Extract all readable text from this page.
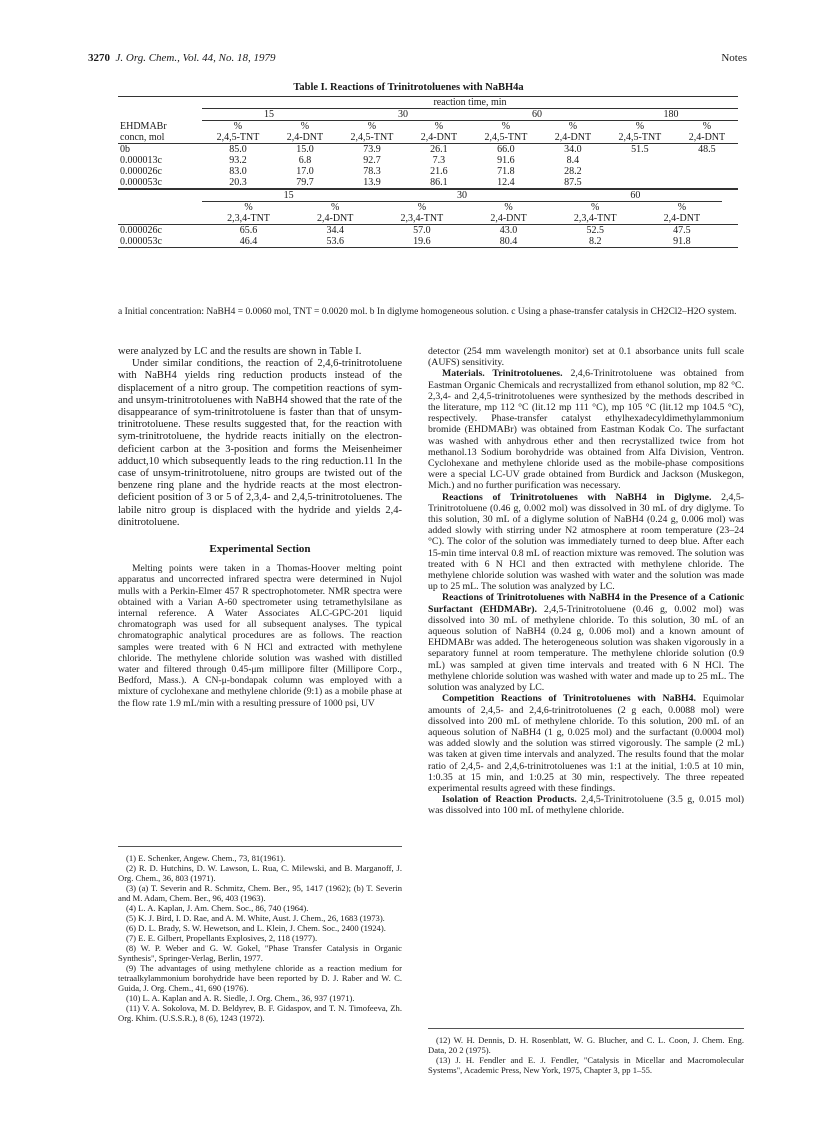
3270 J. Org. Chem., Vol. 44, No. 18, 1979	Notes
Table I. Reactions of Trinitrotoluenes with NaBH4a
	reaction time, min							
	15		30		60		180	
EHDMABr	%	%	%	%	%	%	%	%
concn, mol	2,4,5-TNT	2,4-DNT	2,4,5-TNT	2,4-DNT	2,4,5-TNT	2,4-DNT	2,4,5-TNT	2,4-DNT
0b	85.0	15.0	73.9	26.1	66.0	34.0	51.5	48.5
0.000013c	93.2	6.8	92.7	7.3	91.6	8.4		
0.000026c	83.0	17.0	78.3	21.6	71.8	28.2		
0.000053c	20.3	79.7	13.9	86.1	12.4	87.5		
	15		30		60			
	%	%	%	%	%	%		
	2,3,4-TNT	2,4-DNT	2,3,4-TNT	2,4-DNT	2,3,4-TNT	2,4-DNT		
0.000026c	65.6	34.4	57.0	43.0	52.5	47.5		
0.000053c	46.4	53.6	19.6	80.4	8.2	91.8		
a Initial concentration: NaBH4 = 0.0060 mol, TNT = 0.0020 mol. b In diglyme homogeneous solution. c Using a phase-transfer catalysis in CH2Cl2–H2O system.

were analyzed by LC and the results are shown in Table I.

Under similar conditions, the reaction of 2,4,6-trinitrotoluene with NaBH4 yields ring reduction products instead of the displacement of a nitro group. The competition reactions of sym- and unsym-trinitrotoluenes with NaBH4 showed that the rate of the disappearance of sym-trinitrotoluene is faster than that of unsym-trinitrotoluene. These results suggested that, for the reaction with sym-trinitrotoluene, the hydride reacts initially on the electron-deficient carbon at the 3-position and forms the Meisenheimer adduct,10 which subsequently leads to the ring reduction.11 In the case of unsym-trinitrotoluene, nitro groups are twisted out of the benzene ring plane and the hydride reacts at the most electron-deficient position of 3 or 5 of 2,3,4- and 2,4,5-trinitrotoluenes. The labile nitro group is displaced with the hydride and yields 2,4-dinitrotoluene.

Experimental Section

Melting points were taken in a Thomas-Hoover melting point apparatus and uncorrected infrared spectra were determined in Nujol mulls with a Perkin-Elmer 457 R spectrophotometer. NMR spectra were obtained with a Varian A-60 spectrometer using tetramethylsilane as internal reference. A Water Associates ALC-GPC-201 liquid chromatograph was used for all subsequent analyses. The typical chromatographic analytical procedures are as follows. The reaction samples were treated with 6 N HCl and extracted with methylene chloride. The methylene chloride solution was washed with distilled water and filtered through 0.45-μm millipore filter (Millipore Corp., Bedford, Mass.). A CN-μ-bondapak column was employed with a mixture of cyclohexane and methylene chloride (9:1) as a mobile phase at the flow rate 1.9 mL/min with a resulting pressure of 1000 psi, UV

detector (254 mm wavelength monitor) set at 0.1 absorbance units full scale (AUFS) sensitivity.

Materials. Trinitrotoluenes. 2,4,6-Trinitrotoluene was obtained from Eastman Organic Chemicals and recrystallized from ethanol solution, mp 82 °C. 2,3,4- and 2,4,5-trinitrotoluenes were synthesized by the methods described in the literature, mp 112 °C (lit.12 mp 111 °C), mp 105 °C (lit.12 mp 104.5 °C), respectively. Phase-transfer catalyst ethylhexadecyldimethylammonium bromide (EHDMABr) was obtained from Eastman Kodak Co. The surfactant was washed with anhydrous ether and then recrystallized twice from hot methanol.13 Sodium borohydride was obtained from Alfa Division, Ventron. Cyclohexane and methylene chloride used as the mobile-phase compositions were a special LC-UV grade obtained from Burdick and Jackson (Muskegon, Mich.) and no further purification was necessary.

Reactions of Trinitrotoluenes with NaBH4 in Diglyme. 2,4,5-Trinitrotoluene (0.46 g, 0.002 mol) was dissolved in 30 mL of dry diglyme. To this solution, 30 mL of a diglyme solution of NaBH4 (0.24 g, 0.006 mol) was added slowly with stirring under N2 atmosphere at room temperature (23–24 °C). The color of the solution was immediately turned to deep blue. After each 15-min time interval 0.8 mL of reaction mixture was removed. The solution was treated with 6 N HCl and then extracted with methylene chloride. The methylene chloride solution was washed with water and the solution was made up to 25 mL. The solution was analyzed by LC.

Reactions of Trinitrotoluenes with NaBH4 in the Presence of a Cationic Surfactant (EHDMABr). 2,4,5-Trinitrotoluene (0.46 g, 0.002 mol) was dissolved into 30 mL of methylene chloride. To this solution, 30 mL of an aqueous solution of NaBH4 (0.24 g, 0.006 mol) and a known amount of EHDMABr was added. The heterogeneous solution was shaken vigorously in a separatory funnel at room temperature. The methylene chloride solution (0.9 mL) was sampled at given time intervals and treated with 6 N HCl. The methylene chloride solution was washed with water and made up to 25 mL. The solution was analyzed by LC.

Competition Reactions of Trinitrotoluenes with NaBH4. Equimolar amounts of 2,4,5- and 2,4,6-trinitrotoluenes (2 g each, 0.0088 mol) were dissolved into 200 mL of methylene chloride. To this solution, 200 mL of an aqueous solution of NaBH4 (1 g, 0.025 mol) and the surfactant (0.0004 mol) was added slowly and the solution was stirred vigorously. The sample (2 mL) was taken at given time intervals and analyzed. The results found that the molar ratio of 2,4,5- and 2,4,6-trinitrotoluenes was 1:1 at the initial, 1:0.5 at 10 min, 1:0.35 at 15 min, and 1:0.25 at 30 min, respectively. The three repeated experimental results agreed with these findings.

Isolation of Reaction Products. 2,4,5-Trinitrotoluene (3.5 g, 0.015 mol) was dissolved into 100 mL of methylene chloride.

(1) E. Schenker, Angew. Chem., 73, 81(1961).

(2) R. D. Hutchins, D. W. Lawson, L. Rua, C. Milewski, and B. Marganoff, J. Org. Chem., 36, 803 (1971).

(3) (a) T. Severin and R. Schmitz, Chem. Ber., 95, 1417 (1962); (b) T. Severin and M. Adam, Chem. Ber., 96, 403 (1963).

(4) L. A. Kaplan, J. Am. Chem. Soc., 86, 740 (1964).

(5) K. J. Bird, I. D. Rae, and A. M. White, Aust. J. Chem., 26, 1683 (1973).

(6) D. L. Brady, S. W. Hewetson, and L. Klein, J. Chem. Soc., 2400 (1924).

(7) E. E. Gilbert, Propellants Explosives, 2, 118 (1977).

(8) W. P. Weber and G. W. Gokel, "Phase Transfer Catalysis in Organic Synthesis", Springer-Verlag, Berlin, 1977.

(9) The advantages of using methylene chloride as a reaction medium for tetraalkylammonium borohydride have been reported by D. J. Raber and W. C. Guida, J. Org. Chem., 41, 690 (1976).

(10) L. A. Kaplan and A. R. Siedle, J. Org. Chem., 36, 937 (1971).

(11) V. A. Sokolova, M. D. Beldyrev, B. F. Gidaspov, and T. N. Timofeeva, Zh. Org. Khim. (U.S.S.R.), 8 (6), 1243 (1972).

(12) W. H. Dennis, D. H. Rosenblatt, W. G. Blucher, and C. L. Coon, J. Chem. Eng. Data, 20 2 (1975).

(13) J. H. Fendler and E. J. Fendler, "Catalysis in Micellar and Macromolecular Systems", Academic Press, New York, 1975, Chapter 3, pp 1–55.
